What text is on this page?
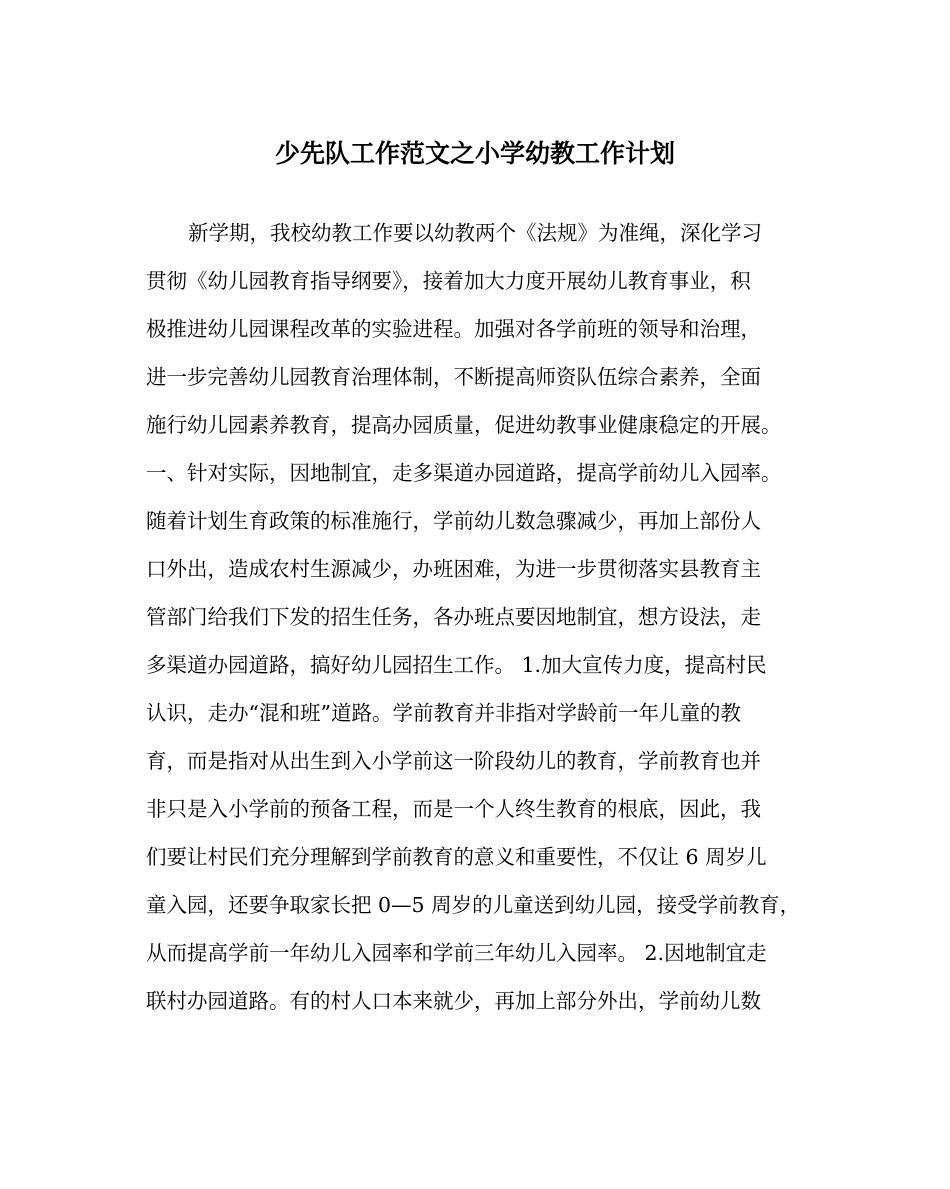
少先队工作范文之小学幼教工作计划
新学期，我校幼教工作要以幼教两个《法规》为准绳，深化学习
贯彻《幼儿园教育指导纲要》，接着加大力度开展幼儿教育事业，积
极推进幼儿园课程改革的实验进程。加强对各学前班的领导和治理，
进一步完善幼儿园教育治理体制，不断提高师资队伍综合素养，全面
施行幼儿园素养教育，提高办园质量，促进幼教事业健康稳定的开展。
一、针对实际，因地制宜，走多渠道办园道路，提高学前幼儿入园率。
随着计划生育政策的标准施行，学前幼儿数急骤减少，再加上部份人
口外出，造成农村生源减少，办班困难，为进一步贯彻落实县教育主
管部门给我们下发的招生任务，各办班点要因地制宜，想方设法，走
多渠道办园道路，搞好幼儿园招生工作。 1.加大宣传力度，提高村民
认识，走办“混和班”道路。学前教育并非指对学龄前一年儿童的教
育，而是指对从出生到入小学前这一阶段幼儿的教育，学前教育也并
非只是入小学前的预备工程，而是一个人终生教育的根底，因此，我
们要让村民们充分理解到学前教育的意义和重要性，不仅让 6 周岁儿
童入园，还要争取家长把 0—5 周岁的儿童送到幼儿园，接受学前教育，
从而提高学前一年幼儿入园率和学前三年幼儿入园率。 2.因地制宜走
联村办园道路。有的村人口本来就少，再加上部分外出，学前幼儿数
